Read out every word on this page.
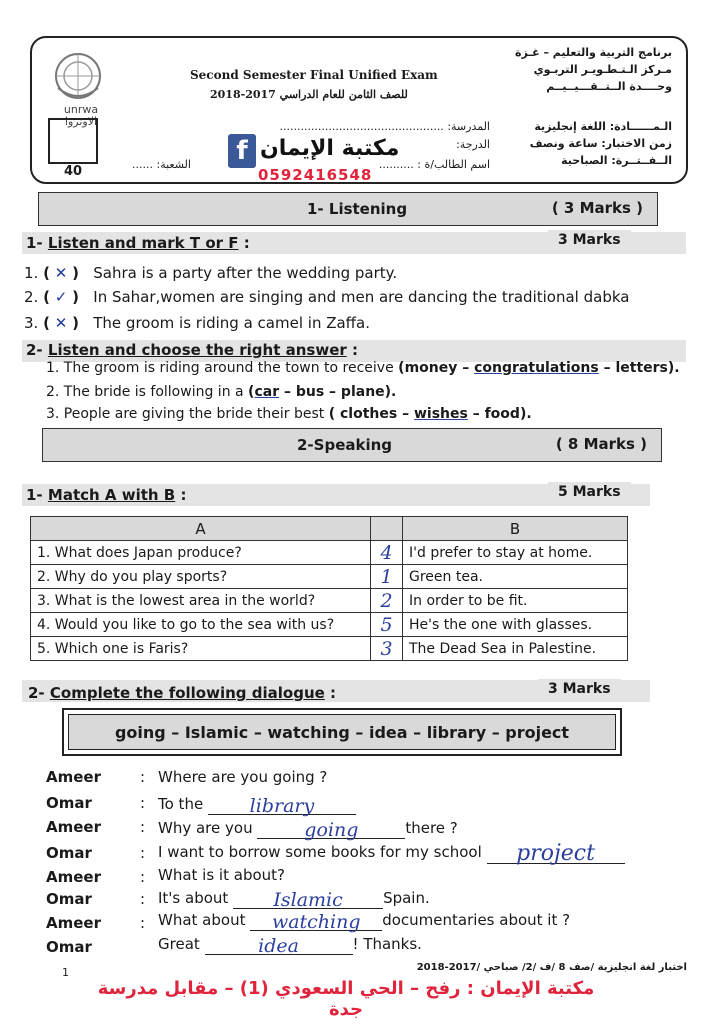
unrwa
الاونروا
40
Second Semester Final Unified Exam
للصف الثامن للعام الدراسي 2017-2018
برنامج التربية والتعليم – غـزة
مـركز الـتـطـويـر التربـوي
وحــــدة الــتــقـــيــيــم
الـمــــــادة: اللغة إنجليزية
زمن الاختبار: ساعة ونصف
الــفــتــرة: الصباحية
المدرسة: ...............................................
الدرجة:
اسم الطالب/ة : ..........
الشعبة: ......	f مكتبة الإيمان
0592416548
1- Listening	( 3 Marks )
1- Listen and mark T or F :	3 Marks
1. ( ✕ ) Sahra is a party after the wedding party.
2. ( ✓ ) In Sahar,women are singing and men are dancing the traditional dabka
3. ( ✕ ) The groom is riding a camel in Zaffa.
2- Listen and choose the right answer :
1. The groom is riding around the town to receive (money – congratulations – letters).
2. The bride is following in a (car – bus – plane).
3. People are giving the bride their best ( clothes – wishes – food).
2-Speaking	( 8 Marks )
1- Match A with B :	5 Marks
A		B
1. What does Japan produce?	4	I'd prefer to stay at home.
2. Why do you play sports?	1	Green tea.
3. What is the lowest area in the world?	2	In order to be fit.
4. Would you like to go to the sea with us?	5	He's the one with glasses.
5. Which one is Faris?	3	The Dead Sea in Palestine.
2- Complete the following dialogue :	3 Marks
going – Islamic – watching – idea – library – project
Ameer	: Where are you going ?
Omar	: To the library
Ameer	: Why are you going	there ?
Omar	: I want to borrow some books for my school project
Ameer	: What is it about?
Omar	: It's about Islamic	Spain.
Ameer	: What about watching documentaries about it ?
Omar	Great	idea	! Thanks.
1	اختبار لغة انجليزية /صف 8 /ف /2/ صباحي /2017-2018
مكتبة الإيمان : رفح – الحي السعودي (1) – مقابل مدرسة جدة
